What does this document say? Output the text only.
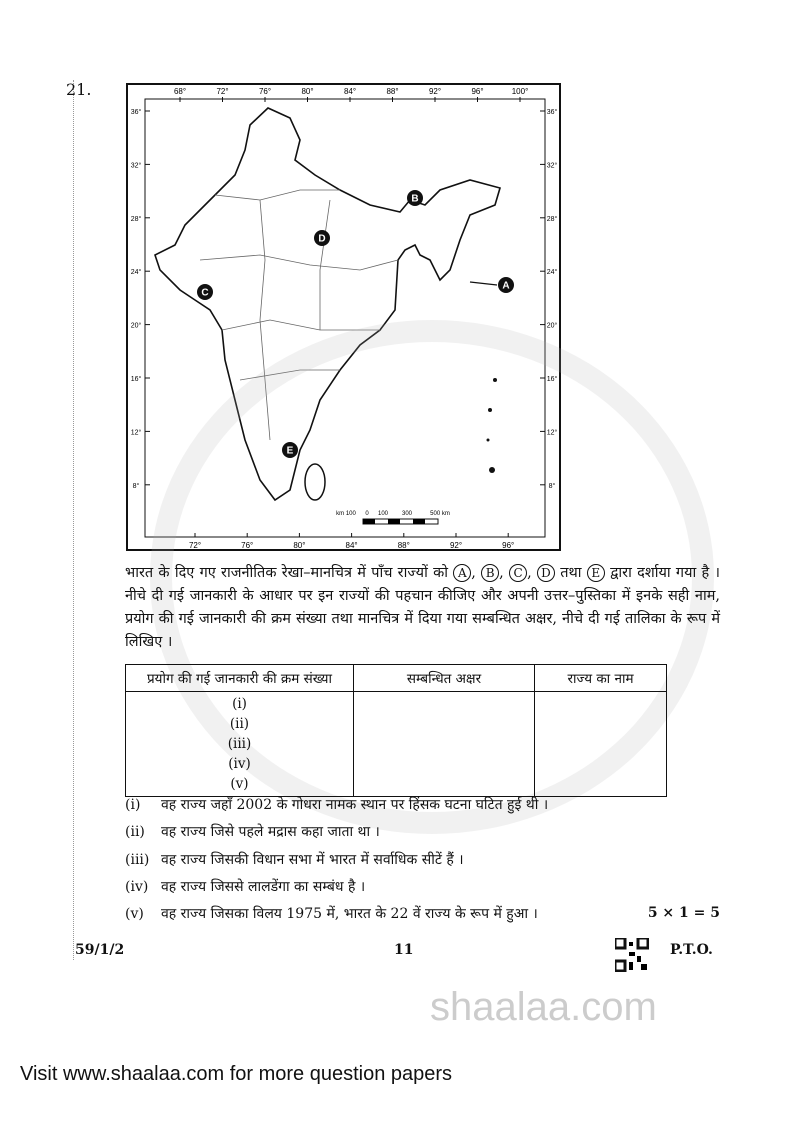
21.	68°	72°	76°	80°	84°	88°	92°	96°	100°
72°	76°	80°	84°	88°	92°	96°
36°	36°
32°	32°
28°	28°
24°	24°
20°	20°
16°	16°
12°	12°
8°	8°
A
B
C
D
E
km 100 0 100 300	500 km
भारत के दिए गए राजनीतिक रेखा–मानचित्र में पाँच राज्यों को A , B , C , D तथा E द्वारा दर्शाया गया है । नीचे दी गई जानकारी के आधार पर इन राज्यों की पहचान कीजिए और अपनी उत्तर–पुस्तिका में इनके सही नाम, प्रयोग की गई जानकारी की क्रम संख्या तथा मानचित्र में दिया गया सम्बन्धित अक्षर, नीचे दी गई तालिका के रूप में लिखिए ।
प्रयोग की गई जानकारी की क्रम संख्या	सम्बन्धित अक्षर	राज्य का नाम

(i)
(ii)
(iii)
(iv)
(v)		

(i) वह राज्य जहाँ 2002 के गोधरा नामक स्थान पर हिंसक घटना घटित हुई थी ।
(ii) वह राज्य जिसे पहले मद्रास कहा जाता था ।
(iii) वह राज्य जिसकी विधान सभा में भारत में सर्वाधिक सीटें हैं ।
(iv) वह राज्य जिससे लालडेंगा का सम्बंध है ।
(v) वह राज्य जिसका विलय 1975 में, भारत के 22 वें राज्य के रूप में हुआ ।	5 × 1 = 5
59/1/2	11	P.T.O.
shaalaa.com
Visit www.shaalaa.com for more question papers
